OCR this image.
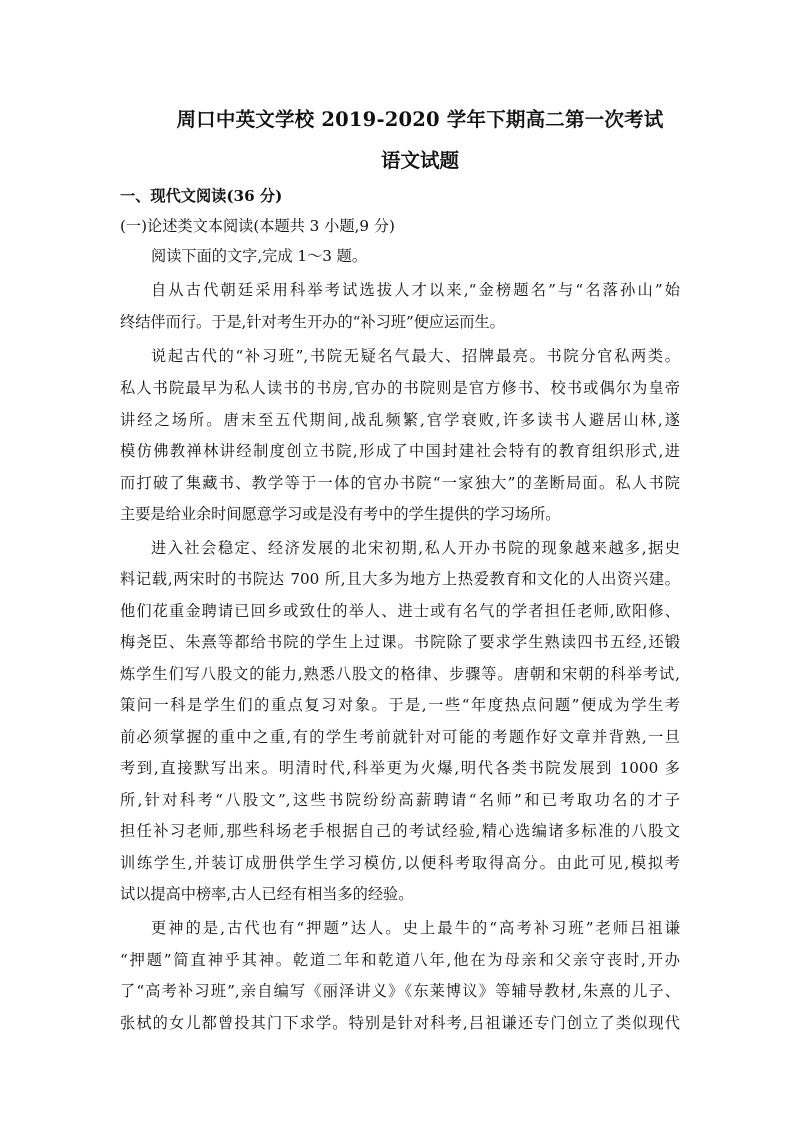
周口中英文学校 2019-2020 学年下期高二第一次考试
语文试题
一、现代文阅读(36 分)
(一)论述类文本阅读(本题共 3 小题,9 分)
阅读下面的文字,完成 1～3 题。
自从古代朝廷采用科举考试选拔人才以来,“金榜题名”与“名落孙山”始
终结伴而行。于是,针对考生开办的“补习班”便应运而生。
说起古代的“补习班”,书院无疑名气最大、招牌最亮。书院分官私两类。
私人书院最早为私人读书的书房,官办的书院则是官方修书、校书或偶尔为皇帝
讲经之场所。唐末至五代期间,战乱频繁,官学衰败,许多读书人避居山林,遂
模仿佛教禅林讲经制度创立书院,形成了中国封建社会特有的教育组织形式,进
而打破了集藏书、教学等于一体的官办书院“一家独大”的垄断局面。私人书院
主要是给业余时间愿意学习或是没有考中的学生提供的学习场所。
进入社会稳定、经济发展的北宋初期,私人开办书院的现象越来越多,据史
料记载,两宋时的书院达 700 所,且大多为地方上热爱教育和文化的人出资兴建。
他们花重金聘请已回乡或致仕的举人、进士或有名气的学者担任老师,欧阳修、
梅尧臣、朱熹等都给书院的学生上过课。书院除了要求学生熟读四书五经,还锻
炼学生们写八股文的能力,熟悉八股文的格律、步骤等。唐朝和宋朝的科举考试,
策问一科是学生们的重点复习对象。于是,一些“年度热点问题”便成为学生考
前必须掌握的重中之重,有的学生考前就针对可能的考题作好文章并背熟,一旦
考到,直接默写出来。明清时代,科举更为火爆,明代各类书院发展到 1000 多
所,针对科考“八股文”,这些书院纷纷高薪聘请“名师”和已考取功名的才子
担任补习老师,那些科场老手根据自己的考试经验,精心选编诸多标准的八股文
训练学生,并装订成册供学生学习模仿,以便科考取得高分。由此可见,模拟考
试以提高中榜率,古人已经有相当多的经验。
更神的是,古代也有“押题”达人。史上最牛的“高考补习班”老师吕祖谦
“押题”简直神乎其神。乾道二年和乾道八年,他在为母亲和父亲守丧时,开办
了“高考补习班”,亲自编写《丽泽讲义》《东莱博议》等辅导教材,朱熹的儿子、
张栻的女儿都曾投其门下求学。特别是针对科考,吕祖谦还专门创立了类似现代
